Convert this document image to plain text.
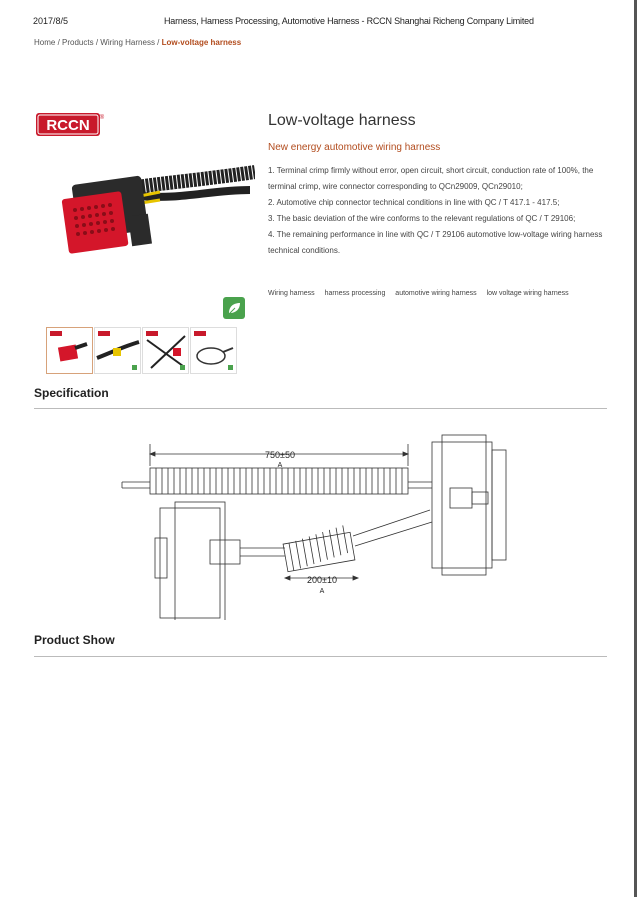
2017/8/5	Harness, Harness Processing, Automotive Harness - RCCN Shanghai Richeng Company Limited
Home / Products / Wiring Harness / Low-voltage harness
RCCN ®	Low-voltage harness
New energy automotive wiring harness

1. Terminal crimp firmly without error, open circuit, short circuit, conduction rate of 100%, the terminal crimp, wire connector corresponding to QCn29009, QCn29010;

2. Automotive chip connector technical conditions in line with QC / T 417.1 - 417.5;

3. The basic deviation of the wire conforms to the relevant regulations of QC / T 29106;

4. The remaining performance in line with QC / T 29106 automotive low-voltage wiring harness technical conditions.

Wiring harness harness processing automotive wiring harness low voltage wiring harness
Specification
750±50
A
200±10
A
Product Show
